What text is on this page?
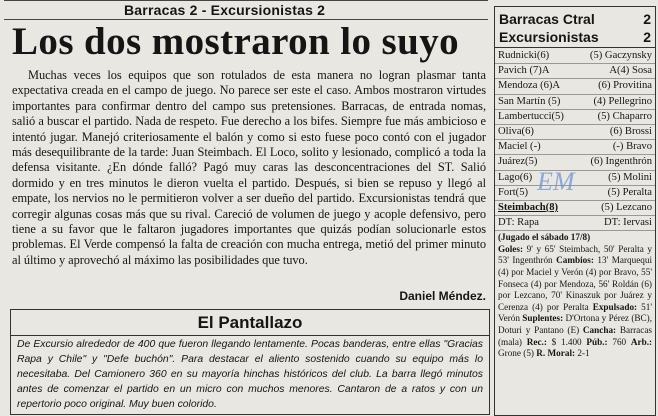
Barracas 2 - Excursionistas 2
Los dos mostraron lo suyo

Muchas veces los equipos que son rotulados de esta manera no logran plasmar tanta expectativa creada en el campo de juego. No parece ser este el caso. Ambos mostraron virtudes importantes para confirmar dentro del campo sus pretensiones. Barracas, de entrada nomas, salió a buscar el partido. Nada de respeto. Fue derecho a los bifes. Siempre fue más ambicioso e intentó jugar. Manejó criteriosamente el balón y como si esto fuese poco contó con el jugador más desequilibrante de la tarde: Juan Steimbach. El Loco, solito y lesionado, complicó a toda la defensa visitante. ¿En dónde falló? Pagó muy caras las desconcentraciones del ST. Salió dormido y en tres minutos le dieron vuelta el partido. Después, si bien se repuso y llegó al empate, los nervios no le permitieron volver a ser dueño del partido. Excursionistas tendrá que corregir algunas cosas más que su rival. Careció de volumen de juego y acople defensivo, pero tiene a su favor que le faltaron jugadores importantes que quizás podían solucionarle estos problemas. El Verde compensó la falta de creación con mucha entrega, metió del primer minuto al último y aprovechó al máximo las posibilidades que tuvo.

Daniel Méndez.
El Pantallazo
De Excursio alrededor de 400 que fueron llegando lentamente. Pocas banderas, entre ellas "Gracias Rapa y Chile" y "Defe buchón". Para destacar el aliento sostenido cuando su equipo más lo necesitaba. Del Camionero 360 en su mayoría hinchas históricos del club. La barra llegó minutos antes de comenzar el partido en un micro con muchos menores. Cantaron de a ratos y con un repertorio poco original. Muy buen colorido.
Barracas Ctral	2
Excursionistas	2
Rudnicki(6)	(5) Gaczynsky
Pavich (7)A	A(4) Sosa
Mendoza (6)A	(6) Provitina
San Martín (5)	(4) Pellegrino
Lambertucci(5)	(5) Chaparro
Oliva(6)	(6) Brossi
Maciel (-)	(-) Bravo
Juárez(5)	(6) Ingenthrón
Lago(6)	(5) Molini
Fort(5)	(5) Peralta
Steimbach(8)	(5) Lezcano
DT: Rapa	DT: Iervasi
(Jugado el sábado 17/8)
Goles: 9' y 65' Steimbach, 50' Peralta y 53' Ingenthrón Cambios: 13' Marquequi (4) por Maciel y Verón (4) por Bravo, 55' Fonseca (4) por Mendoza, 56' Roldán (6) por Lezcano, 70' Kinaszuk por Juárez y Cerenza (4) por Peralta Expulsado: 51' Verón Suplentes: D'Ortona y Pérez (BC), Doturi y Pantano (E) Cancha: Barracas (mala) Rec.: $ 1.400 Púb.: 760 Arb.: Grone (5) R. Moral: 2-1
EM
